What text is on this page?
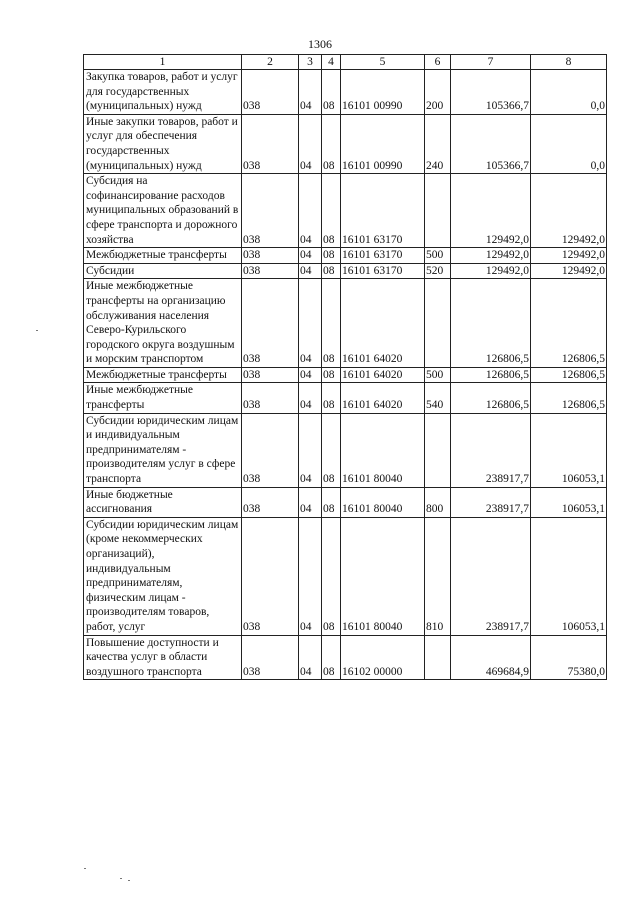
1306
1	2	3	4	5	6	7	8
Закупка товаров, работ и услуг для государственных (муниципальных) нужд	038	04	08	16101 00990	200	105366,7	0,0
Иные закупки товаров, работ и услуг для обеспечения государственных (муниципальных) нужд	038	04	08	16101 00990	240	105366,7	0,0
Субсидия на софинансирование расходов муниципальных образований в сфере транспорта и дорожного хозяйства	038	04	08	16101 63170		129492,0	129492,0
Межбюджетные трансферты	038	04	08	16101 63170	500	129492,0	129492,0
Субсидии	038	04	08	16101 63170	520	129492,0	129492,0
Иные межбюджетные трансферты на организацию обслуживания населения Северо-Курильского городского округа воздушным и морским транспортом	038	04	08	16101 64020		126806,5	126806,5
Межбюджетные трансферты	038	04	08	16101 64020	500	126806,5	126806,5
Иные межбюджетные трансферты	038	04	08	16101 64020	540	126806,5	126806,5
Субсидии юридическим лицам и индивидуальным предпринимателям - производителям услуг в сфере транспорта	038	04	08	16101 80040		238917,7	106053,1
Иные бюджетные ассигнования	038	04	08	16101 80040	800	238917,7	106053,1
Субсидии юридическим лицам (кроме некоммерческих организаций), индивидуальным предпринимателям, физическим лицам - производителям товаров, работ, услуг	038	04	08	16101 80040	810	238917,7	106053,1
Повышение доступности и качества услуг в области воздушного транспорта	038	04	08	16102 00000		469684,9	75380,0
